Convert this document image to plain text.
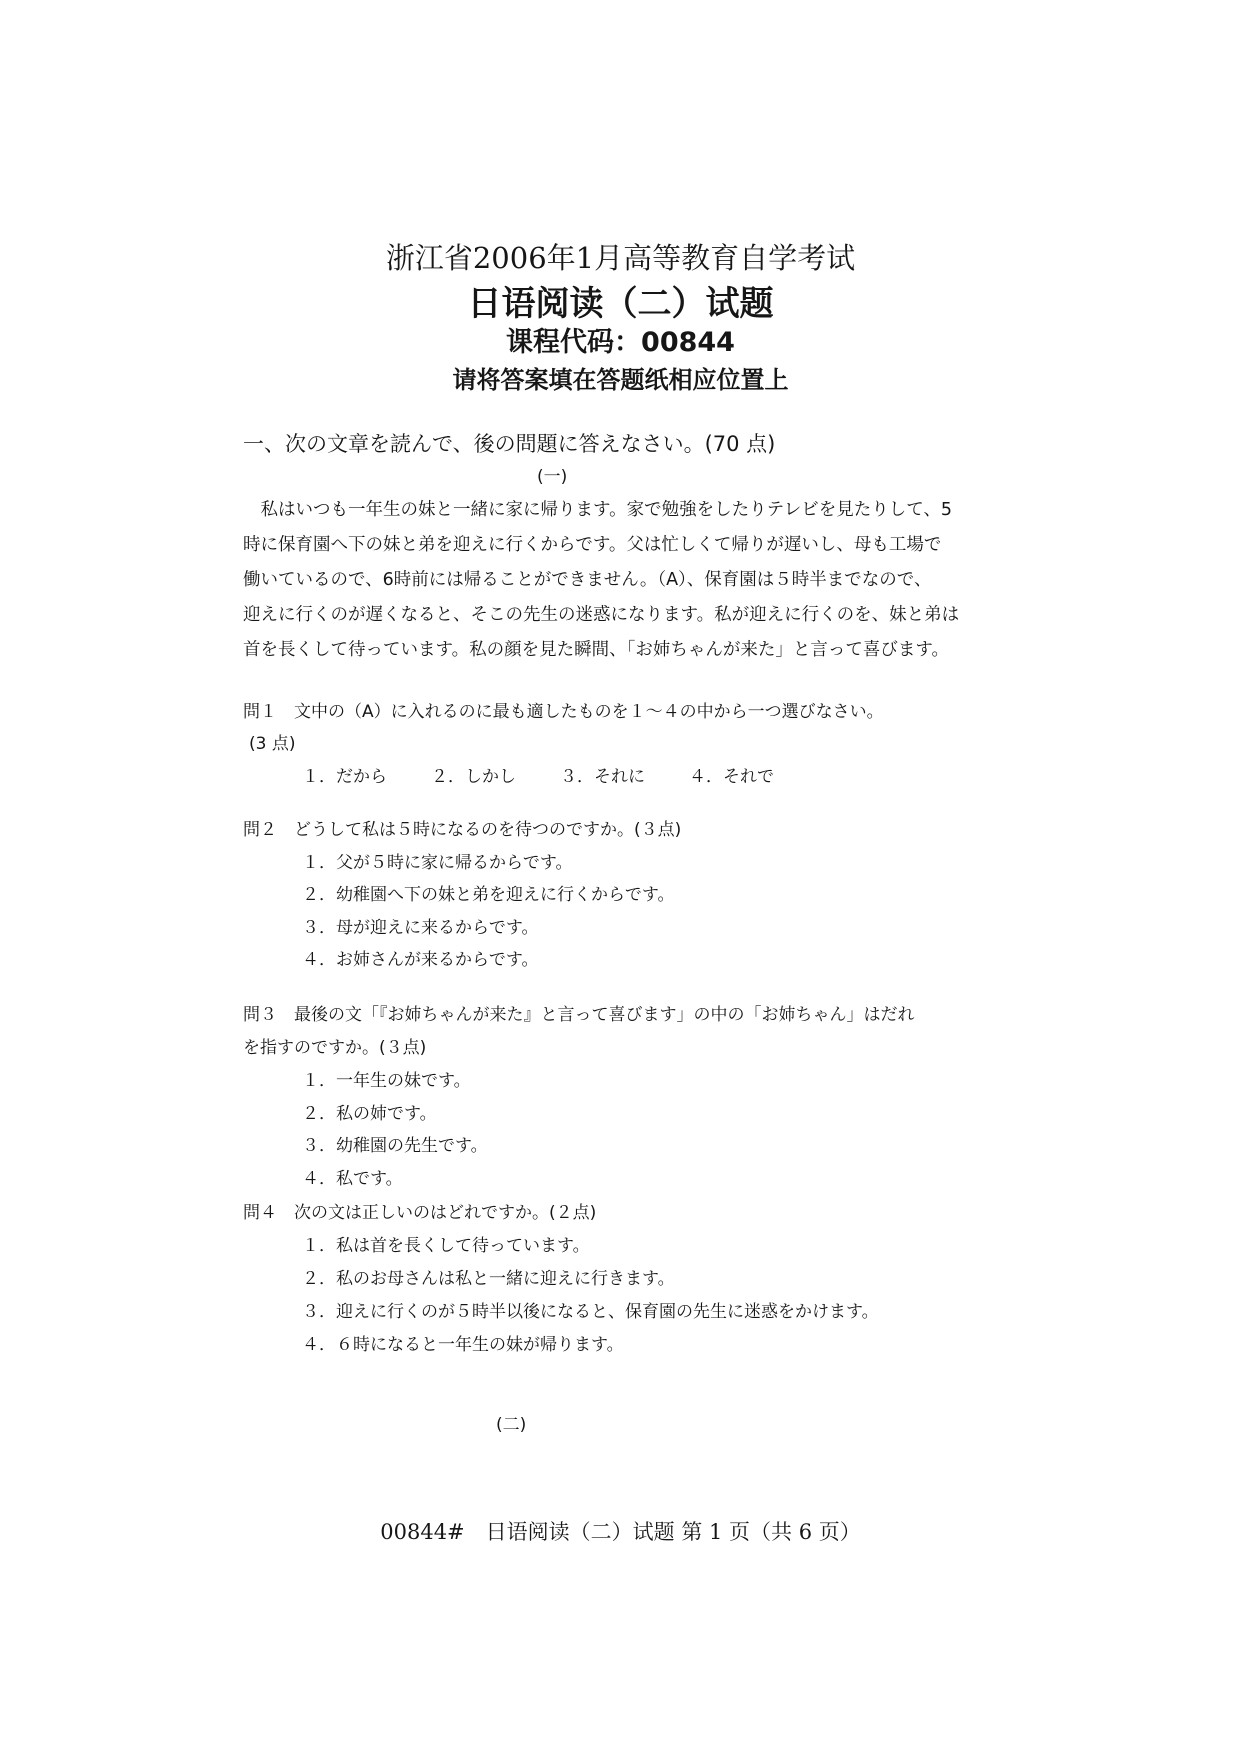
浙江省2006年1月高等教育自学考试
日语阅读（二）试题
课程代码：00844
请将答案填在答题纸相应位置上
一、次の文章を読んで、後の問題に答えなさい。(70 点)
(一)

　私はいつも一年生の妹と一緒に家に帰ります。家で勉強をしたりテレビを見たりして、5

時に保育園へ下の妹と弟を迎えに行くからです。父は忙しくて帰りが遅いし、母も工場で

働いているので、6時前には帰ることができません。（A）、保育園は５時半までなので、

迎えに行くのが遅くなると、そこの先生の迷惑になります。私が迎えに行くのを、妹と弟は

首を長くして待っています。私の顔を見た瞬間、「お姉ちゃんが来た」と言って喜びます。

問１　文中の（A）に入れるのに最も適したものを１～４の中から一つ選びなさい。
(3 点)
１．だから	２．しかし	３．それに	４．それで
問２　どうして私は５時になるのを待つのですか。(３点)
１．父が５時に家に帰るからです。
２．幼稚園へ下の妹と弟を迎えに行くからです。
３．母が迎えに来るからです。
４．お姉さんが来るからです。
問３　最後の文「『お姉ちゃんが来た』と言って喜びます」の中の「お姉ちゃん」はだれ
を指すのですか。(３点)
１．一年生の妹です。
２．私の姉です。
３．幼稚園の先生です。
４．私です。
問４　次の文は正しいのはどれですか。(２点)
１．私は首を長くして待っています。
２．私のお母さんは私と一緒に迎えに行きます。
３．迎えに行くのが５時半以後になると、保育園の先生に迷惑をかけます。
４．６時になると一年生の妹が帰ります。
(二)
00844#　日语阅读（二）试题 第 1 页（共 6 页）
